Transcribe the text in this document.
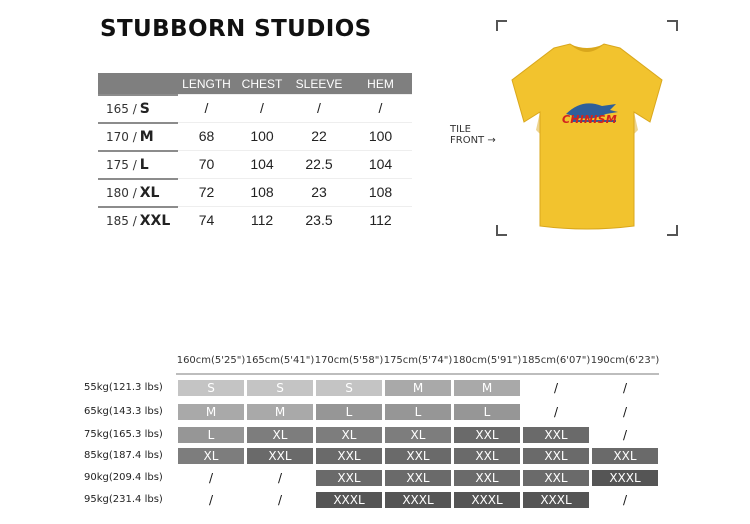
STUBBORN STUDIOS
LENGTH CHEST	SLEEVE	HEM
165 / S	/	/	/	/
170 / M	68	100	22	100
175 / L	70	104	22.5	104
180 / XL	72	108	23	108
185 / XXL	74	112	23.5	112
CHINISM
TILE
FRONT →
160cm(5'25") 165cm(5'41") 170cm(5'58") 175cm(5'74") 180cm(5'91") 185cm(6'07") 190cm(6'23")
55kg(121.3 lbs)	S	S	S	M	M	/	/
65kg(143.3 lbs)	M	M	L	L	L	/	/
75kg(165.3 lbs)	L	XL	XL	XL	XXL	XXL	/
85kg(187.4 lbs)	XL	XXL	XXL	XXL	XXL	XXL	XXL
90kg(209.4 lbs)	/	/	XXL	XXL	XXL	XXL	XXXL
95kg(231.4 lbs)	/	/	XXXL	XXXL	XXXL	XXXL	/
